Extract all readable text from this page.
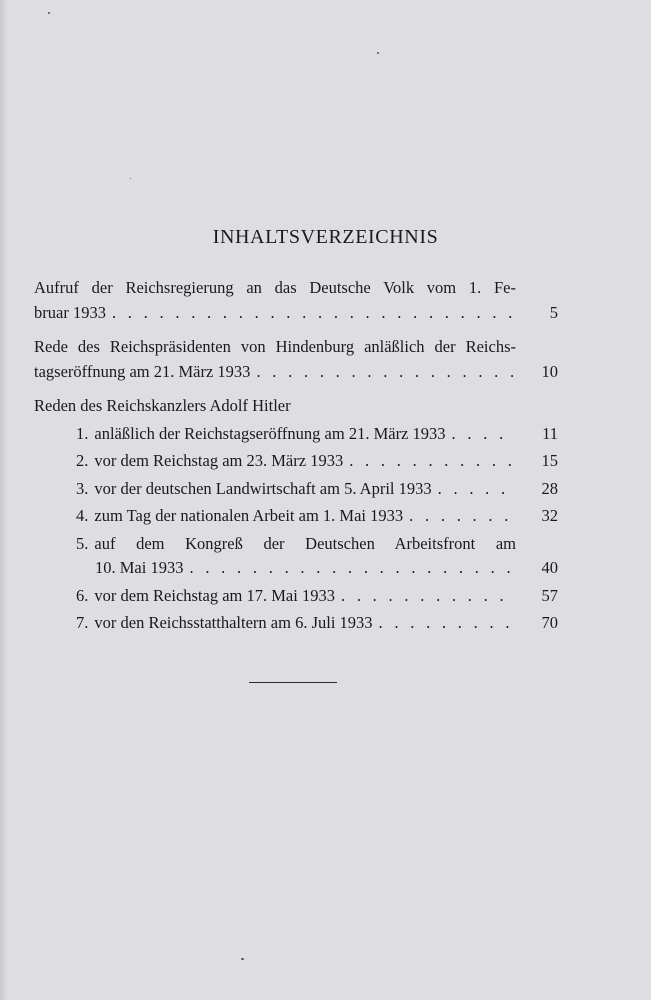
INHALTSVERZEICHNIS
Aufruf der Reichsregierung an das Deutsche Volk vom 1. Fe-
bruar 1933 . . .	5
Rede des Reichspräsidenten von Hindenburg anläßlich der Reichs-
tagseröffnung am 21. März 1933 . . .	10
Reden des Reichskanzlers Adolf Hitler
1. anläßlich der Reichstagseröffnung am 21. März 1933 . . .	11
2. vor dem Reichstag am 23. März 1933 . . .	15
3. vor der deutschen Landwirtschaft am 5. April 1933 . . .	28
4. zum Tag der nationalen Arbeit am 1. Mai 1933 . . .	32
5. auf dem Kongreß der Deutschen Arbeitsfront am
10. Mai 1933 . . .	40
6. vor dem Reichstag am 17. Mai 1933 . . .	57
7. vor den Reichsstatthaltern am 6. Juli 1933 . . .	70
